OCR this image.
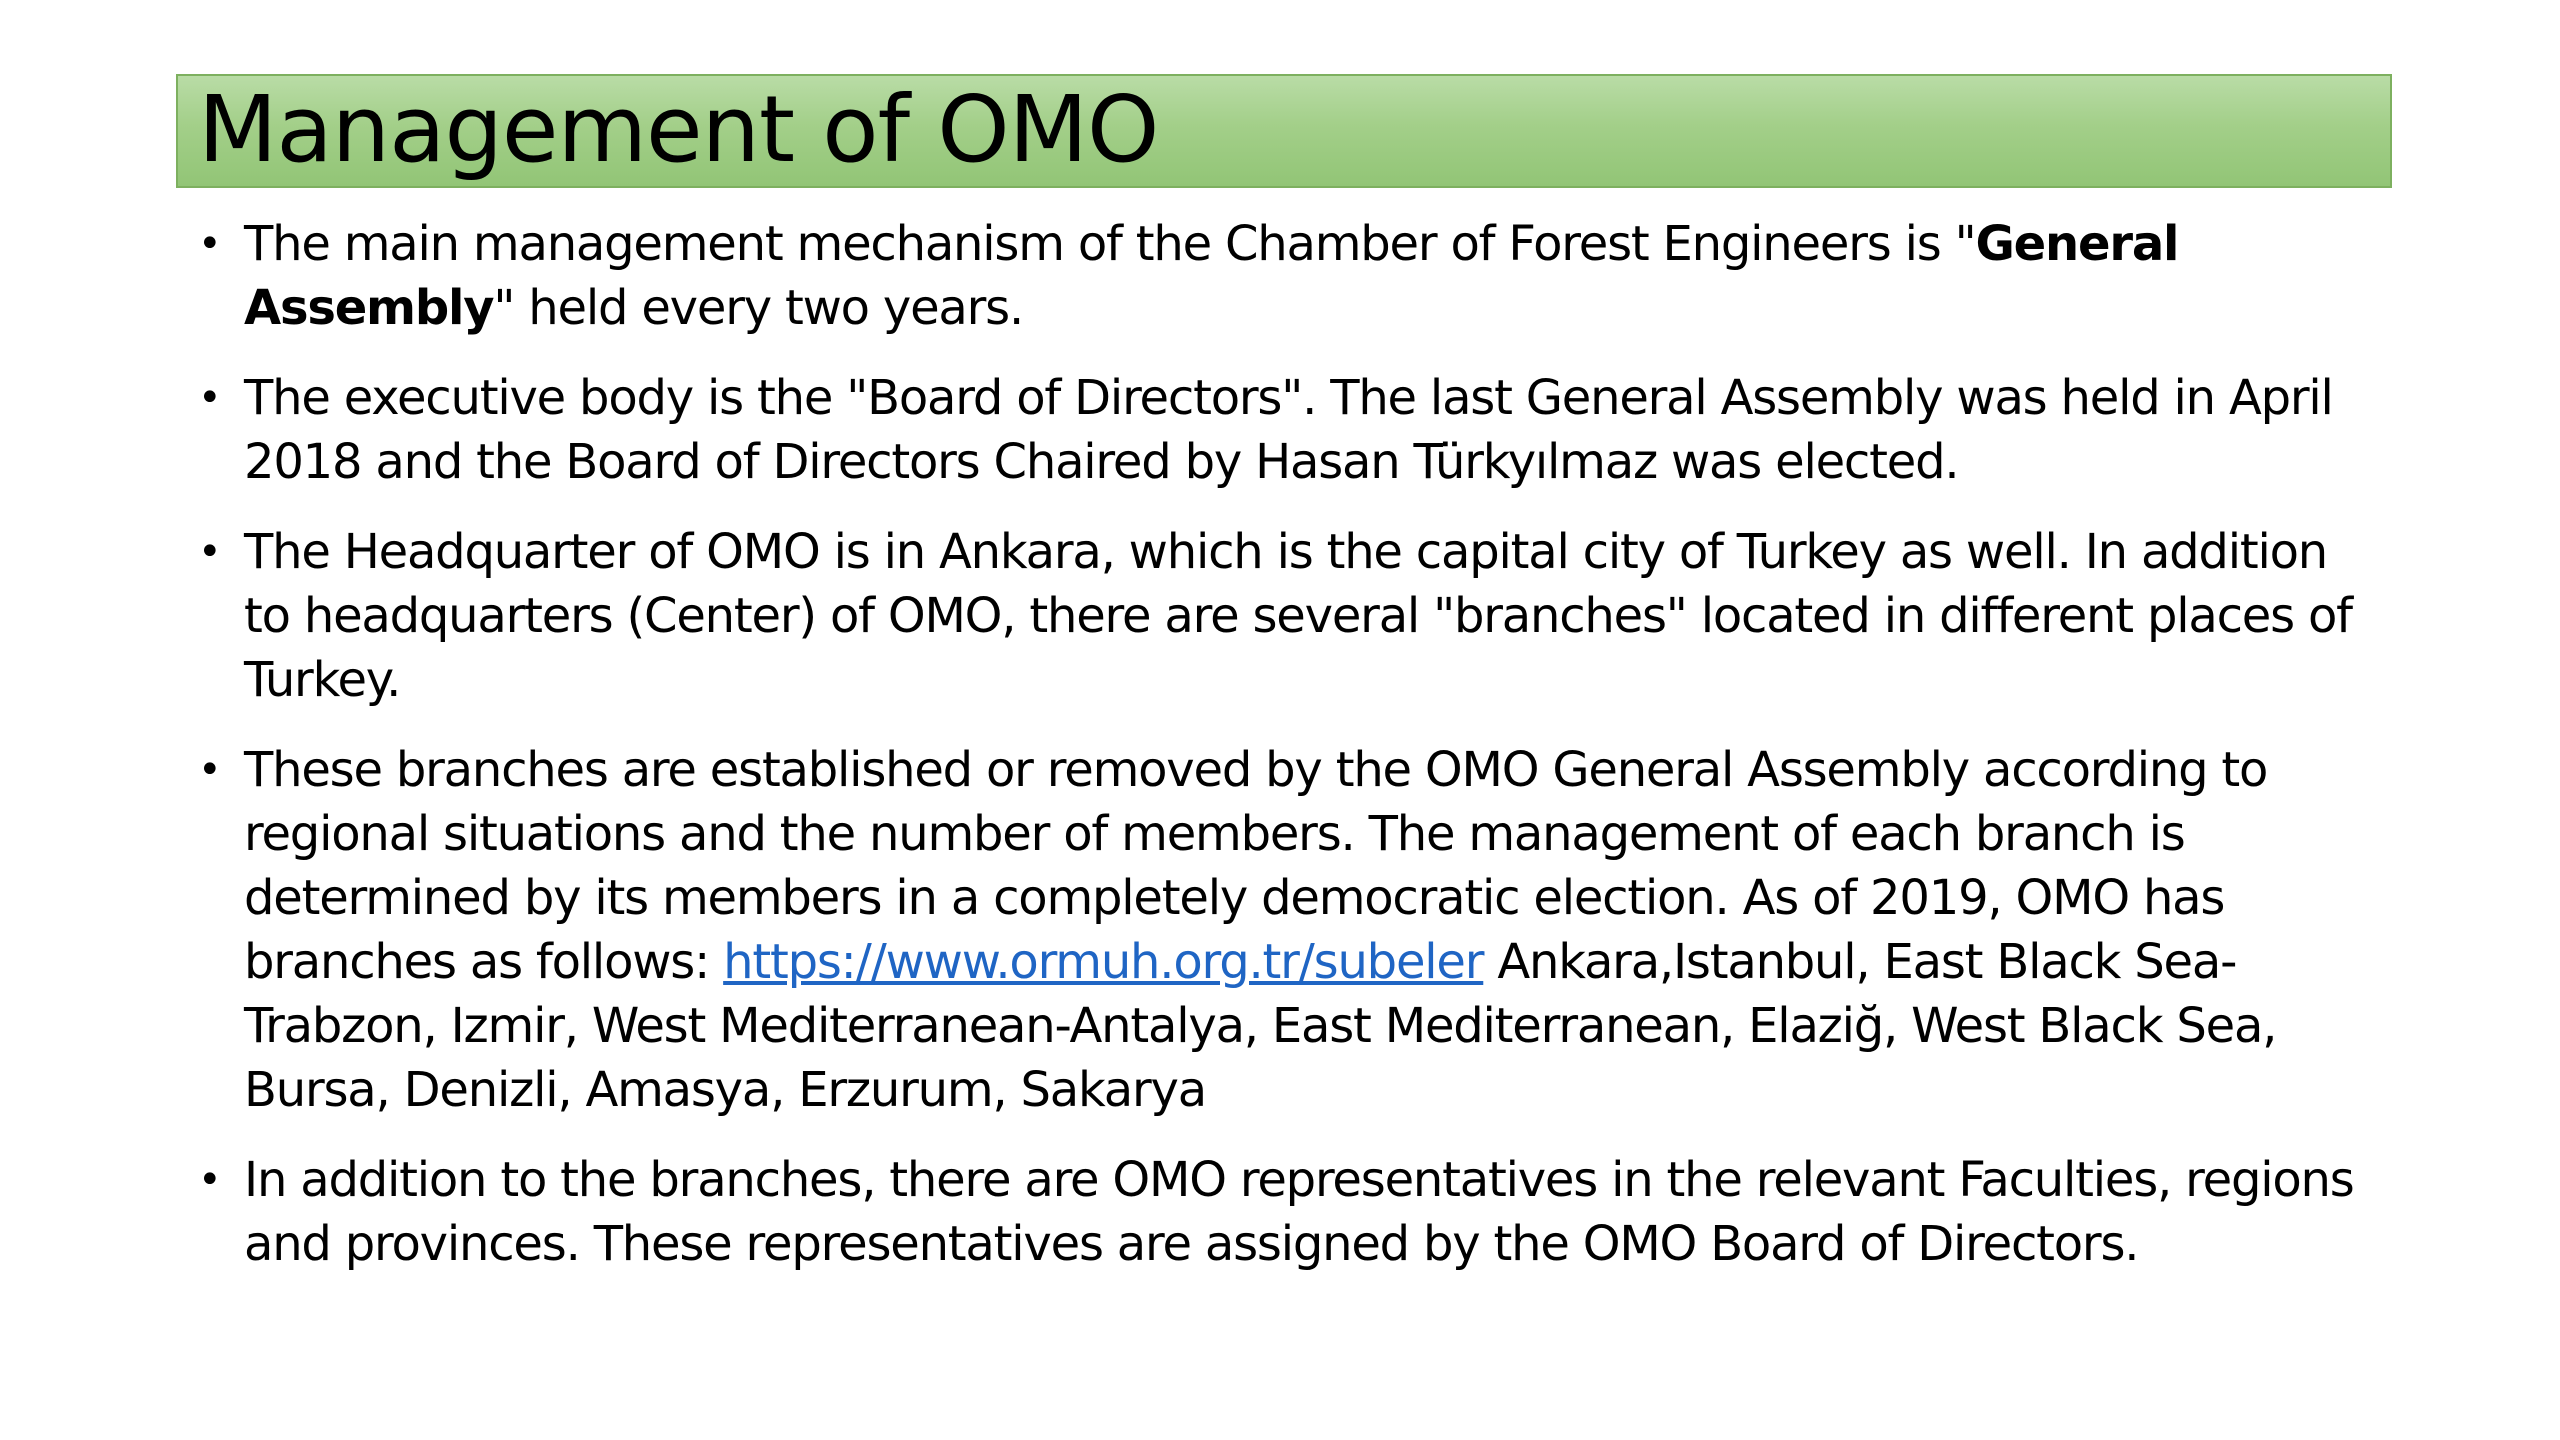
Management of OMO
• The main management mechanism of the Chamber of Forest Engineers is "General Assembly" held every two years.
• The executive body is the "Board of Directors". The last General Assembly was held in April 2018 and the Board of Directors Chaired by Hasan Türkyılmaz was elected.
• The Headquarter of OMO is in Ankara, which is the capital city of Turkey as well. In addition to headquarters (Center) of OMO, there are several "branches" located in different places of Turkey.
• These branches are established or removed by the OMO General Assembly according to regional situations and the number of members. The management of each branch is determined by its members in a completely democratic election. As of 2019, OMO has branches as follows: https://www.ormuh.org.tr/subeler Ankara,Istanbul, East Black Sea-Trabzon, Izmir, West Mediterranean-Antalya, East Mediterranean, Elaziğ, West Black Sea, Bursa, Denizli, Amasya, Erzurum, Sakarya
• In addition to the branches, there are OMO representatives in the relevant Faculties, regions and provinces. These representatives are assigned by the OMO Board of Directors.
